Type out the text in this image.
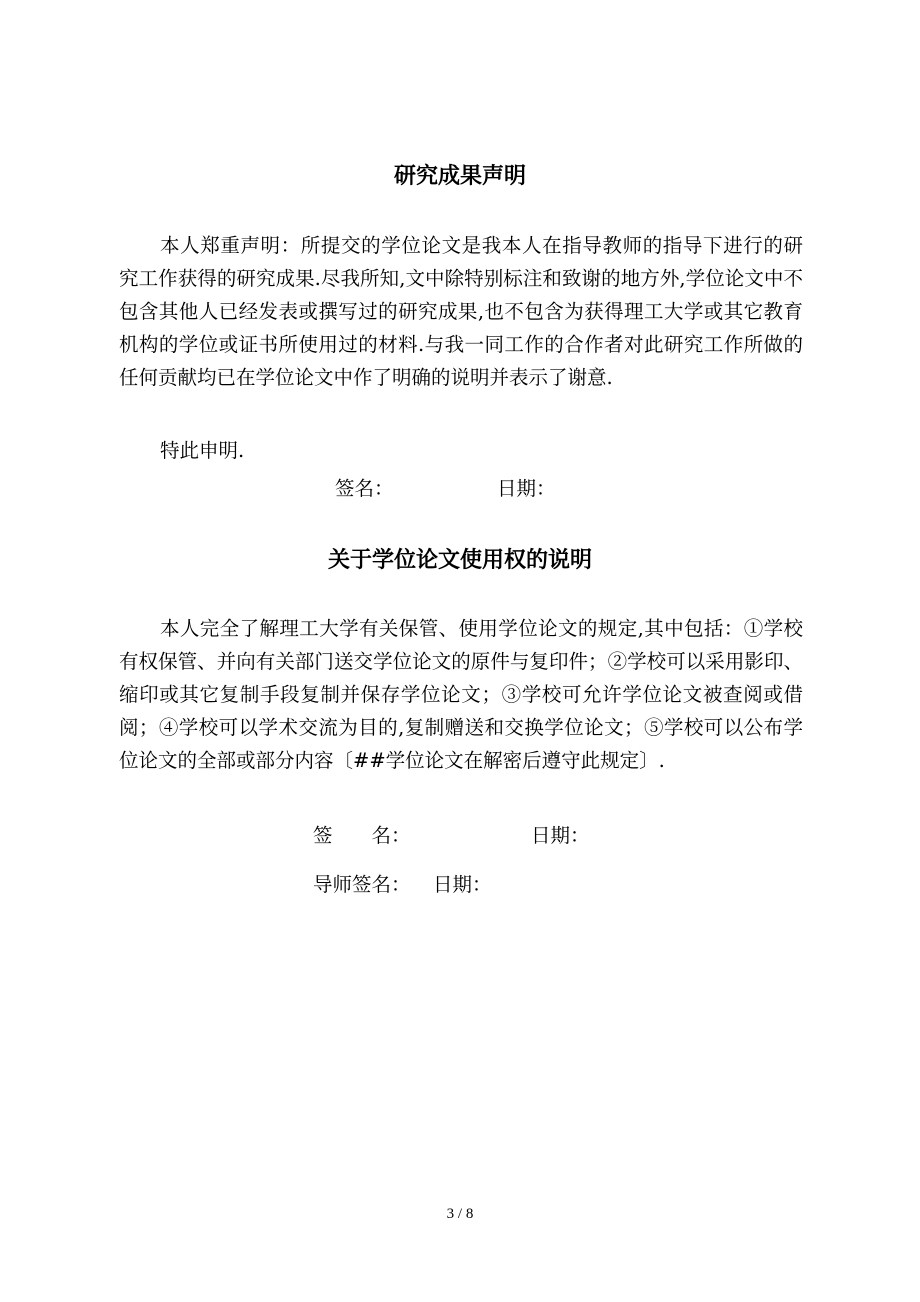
研究成果声明
本人郑重声明：所提交的学位论文是我本人在指导教师的指导下进行的研究工作获得的研究成果.尽我所知,文中除特别标注和致谢的地方外,学位论文中不包含其他人已经发表或撰写过的研究成果,也不包含为获得理工大学或其它教育机构的学位或证书所使用过的材料.与我一同工作的合作者对此研究工作所做的任何贡献均已在学位论文中作了明确的说明并表示了谢意.
特此申明.
签名：	日期：
关于学位论文使用权的说明
本人完全了解理工大学有关保管、使用学位论文的规定,其中包括：①学校有权保管、并向有关部门送交学位论文的原件与复印件；②学校可以采用影印、缩印或其它复制手段复制并保存学位论文；③学校可允许学位论文被查阅或借阅；④学校可以学术交流为目的,复制赠送和交换学位论文；⑤学校可以公布学位论文的全部或部分内容〔##学位论文在解密后遵守此规定〕.
签　　名：	日期：
导师签名： 日期：
3 / 8
